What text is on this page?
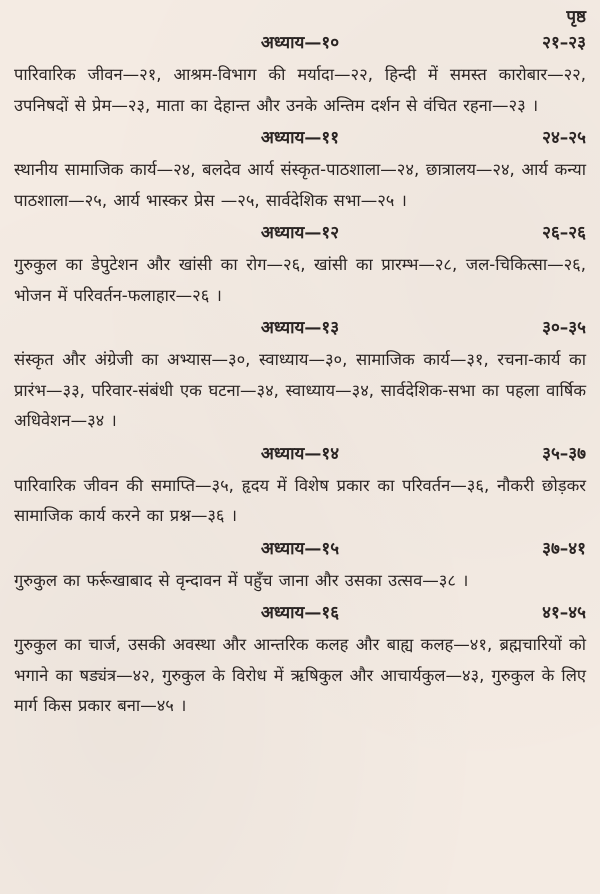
पृष्ठ
अध्याय—१०	२१–२३
पारिवारिक जीवन—२१, आश्रम-विभाग की मर्यादा—२२, हिन्दी में समस्त कारोबार—२२, उपनिषदों से प्रेम—२३, माता का देहान्त और उनके अन्तिम दर्शन से वंचित रहना—२३ ।
अध्याय—११	२४–२५
स्थानीय सामाजिक कार्य—२४, बलदेव आर्य संस्कृत-पाठशाला—२४, छात्रालय—२४, आर्य कन्या पाठशाला—२५, आर्य भास्कर प्रेस —२५, सार्वदेशिक सभा—२५ ।
अध्याय—१२	२६–२६
गुरुकुल का डेपुटेशन और खांसी का रोग—२६, खांसी का प्रारम्भ—२८, जल-चिकित्सा—२६, भोजन में परिवर्तन-फलाहार—२६ ।
अध्याय—१३	३०–३५
संस्कृत और अंग्रेजी का अभ्यास—३०, स्वाध्याय—३०, सामाजिक कार्य—३१, रचना-कार्य का प्रारंभ—३३, परिवार-संबंधी एक घटना—३४, स्वाध्याय—३४, सार्वदेशिक-सभा का पहला वार्षिक अधिवेशन—३४ ।
अध्याय—१४	३५–३७
पारिवारिक जीवन की समाप्ति—३५, हृदय में विशेष प्रकार का परिवर्तन—३६, नौकरी छोड़कर सामाजिक कार्य करने का प्रश्न—३६ ।
अध्याय—१५	३७–४१
गुरुकुल का फर्रूखाबाद से वृन्दावन में पहुँच जाना और उसका उत्सव—३८ ।
अध्याय—१६	४१–४५
गुरुकुल का चार्ज, उसकी अवस्था और आन्तरिक कलह और बाह्य कलह—४१, ब्रह्मचारियों को भगाने का षड्यंत्र—४२, गुरुकुल के विरोध में ऋषिकुल और आचार्यकुल—४३, गुरुकुल के लिए मार्ग किस प्रकार बना—४५ ।
